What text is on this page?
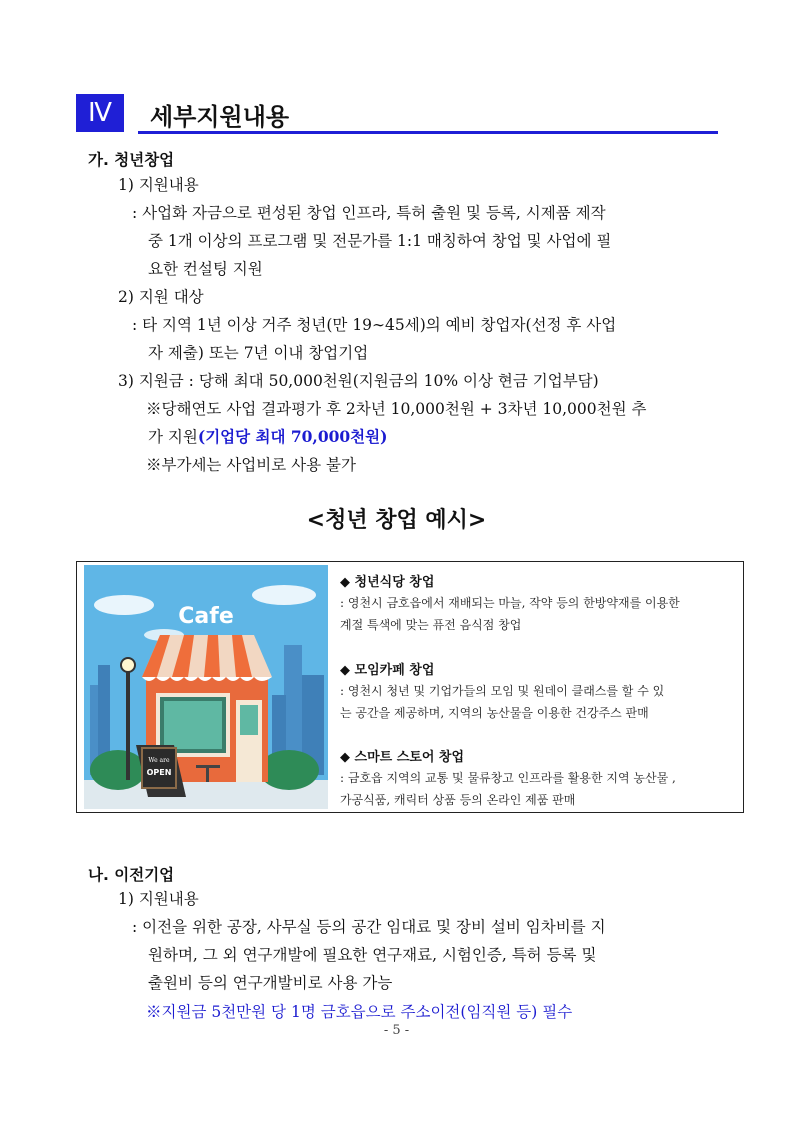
Ⅳ	세부지원내용
가. 청년창업
1) 지원내용
: 사업화 자금으로 편성된 창업 인프라, 특허 출원 및 등록, 시제품 제작
중 1개 이상의 프로그램 및 전문가를 1:1 매칭하여 창업 및 사업에 필
요한 컨설팅 지원
2) 지원 대상
: 타 지역 1년 이상 거주 청년(만 19∼45세)의 예비 창업자(선정 후 사업
자 제출) 또는 7년 이내 창업기업
3) 지원금 : 당해 최대 50,000천원(지원금의 10% 이상 현금 기업부담)
※당해연도 사업 결과평가 후 2차년 10,000천원 + 3차년 10,000천원 추
가 지원(기업당 최대 70,000천원)
※부가세는 사업비로 사용 불가
<청년 창업 예시>
Cafe
We are
OPEN
◆ 청년식당 창업
: 영천시 금호읍에서 재배되는 마늘, 작약 등의 한방약재를 이용한
계절 특색에 맞는 퓨전 음식점 창업
◆ 모임카페 창업
: 영천시 청년 및 기업가들의 모임 및 원데이 클래스를 할 수 있
는 공간을 제공하며, 지역의 농산물을 이용한 건강주스 판매
◆ 스마트 스토어 창업
: 금호읍 지역의 교통 및 물류창고 인프라를 활용한 지역 농산물 ,
가공식품, 캐릭터 상품 등의 온라인 제품 판매
나. 이전기업
1) 지원내용
: 이전을 위한 공장, 사무실 등의 공간 임대료 및 장비 설비 임차비를 지
원하며, 그 외 연구개발에 필요한 연구재료, 시험인증, 특허 등록 및
출원비 등의 연구개발비로 사용 가능
※지원금 5천만원 당 1명 금호읍으로 주소이전(임직원 등) 필수
- 5 -
